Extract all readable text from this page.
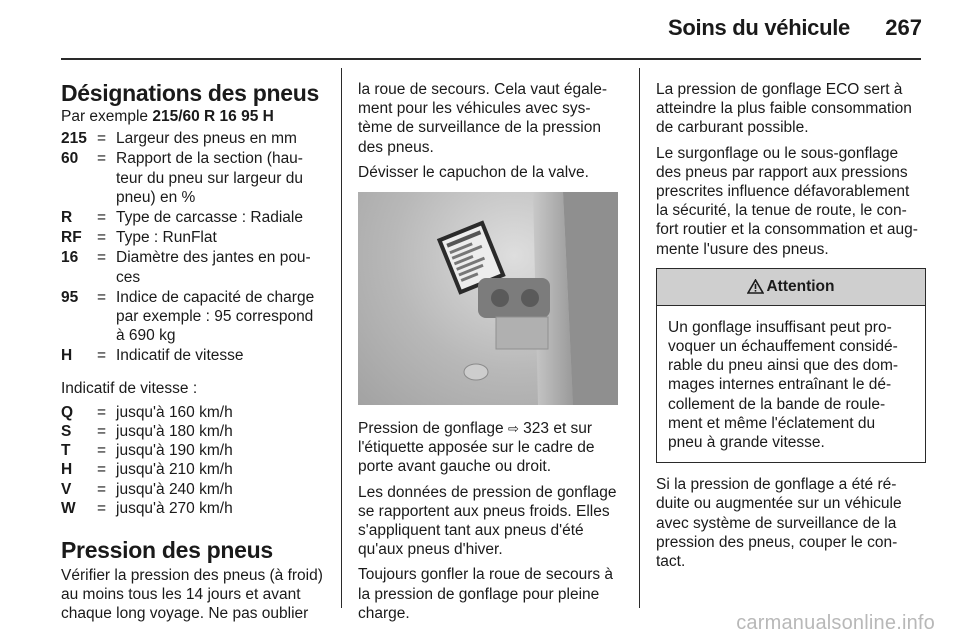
Soins du véhicule	267
Désignations des pneus

Par exemple 215/60 R 16 95 H

215 = Largeur des pneus en mm
60	= Rapport de la section (hau-
teur du pneu sur largeur du
pneu) en %
R	= Type de carcasse : Radiale
RF = Type : RunFlat
16	= Diamètre des jantes en pou-
ces
95	= Indice de capacité de charge
par exemple : 95 correspond
à 690 kg
H	= Indicatif de vitesse

Indicatif de vitesse :

Q	= jusqu'à 160 km/h
S	= jusqu'à 180 km/h
T	= jusqu'à 190 km/h
H	= jusqu'à 210 km/h
V	= jusqu'à 240 km/h
W	= jusqu'à 270 km/h
Pression des pneus
Vérifier la pression des pneus (à froid)
au moins tous les 14 jours et avant
chaque long voyage. Ne pas oublier

la roue de secours. Cela vaut égale-
ment pour les véhicules avec sys-
tème de surveillance de la pression
des pneus.

Dévisser le capuchon de la valve.

Pression de gonflage ⇨ 323 et sur
l'étiquette apposée sur le cadre de
porte avant gauche ou droit.

Les données de pression de gonflage
se rapportent aux pneus froids. Elles
s'appliquent tant aux pneus d'été
qu'aux pneus d'hiver.

Toujours gonfler la roue de secours à
la pression de gonflage pour pleine
charge.

La pression de gonflage ECO sert à
atteindre la plus faible consommation
de carburant possible.

Le surgonflage ou le sous-gonflage
des pneus par rapport aux pressions
prescrites influence défavorablement
la sécurité, la tenue de route, le con-
fort routier et la consommation et aug-
mente l'usure des pneus.

Attention
Un gonflage insuffisant peut pro-
voquer un échauffement considé-
rable du pneu ainsi que des dom-
mages internes entraînant le dé-
collement de la bande de roule-
ment et même l'éclatement du
pneu à grande vitesse.

Si la pression de gonflage a été ré-
duite ou augmentée sur un véhicule
avec système de surveillance de la
pression des pneus, couper le con-
tact.

carmanualsonline.info
